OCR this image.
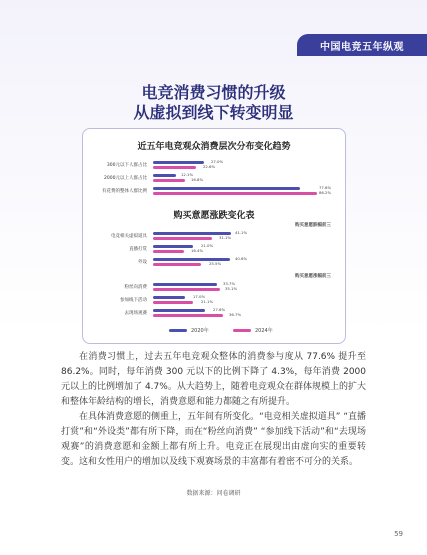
中国电竞五年纵观
电竞消费习惯的升级
从虚拟到线下转变明显
近五年电竞观众消费层次分布变化趋势
300元以下人群占比
27.0%
22.6%
2000元以上人群占比
12.1%
16.8%
有花费的整体人群比例
77.6%
86.2%
购买意愿涨跌变化表
购买意愿跌幅前三
电竞相关虚拟道具
41.1%
31.1%
直播打赏
21.0%
16.4%
外设
40.6%
25.5%
购买意愿涨幅前三
粉丝向消费
33.7%
35.1%
参加线下活动
17.0%
21.1%
去现场观赛
27.6%
36.7%
2020年	2024年

在消费习惯上，过去五年电竞观众整体的消费参与度从 77.6% 提升至 86.2%。同时，每年消费 300 元以下的比例下降了 4.3%，每年消费 2000 元以上的比例增加了 4.7%。从大趋势上，随着电竞观众在群体规模上的扩大和整体年龄结构的增长，消费意愿和能力都随之有所提升。

在具体消费意愿的侧重上，五年间有所变化。“电竞相关虚拟道具” “直播打赏”和“外设类”都有所下降，而在“粉丝向消费” “参加线下活动”和“去现场观赛”的消费意愿和金额上都有所上升。电竞正在展现出由虚向实的重要转变。这和女性用户的增加以及线下观赛场景的丰富都有着密不可分的关系。

数据来源：问卷调研
59
